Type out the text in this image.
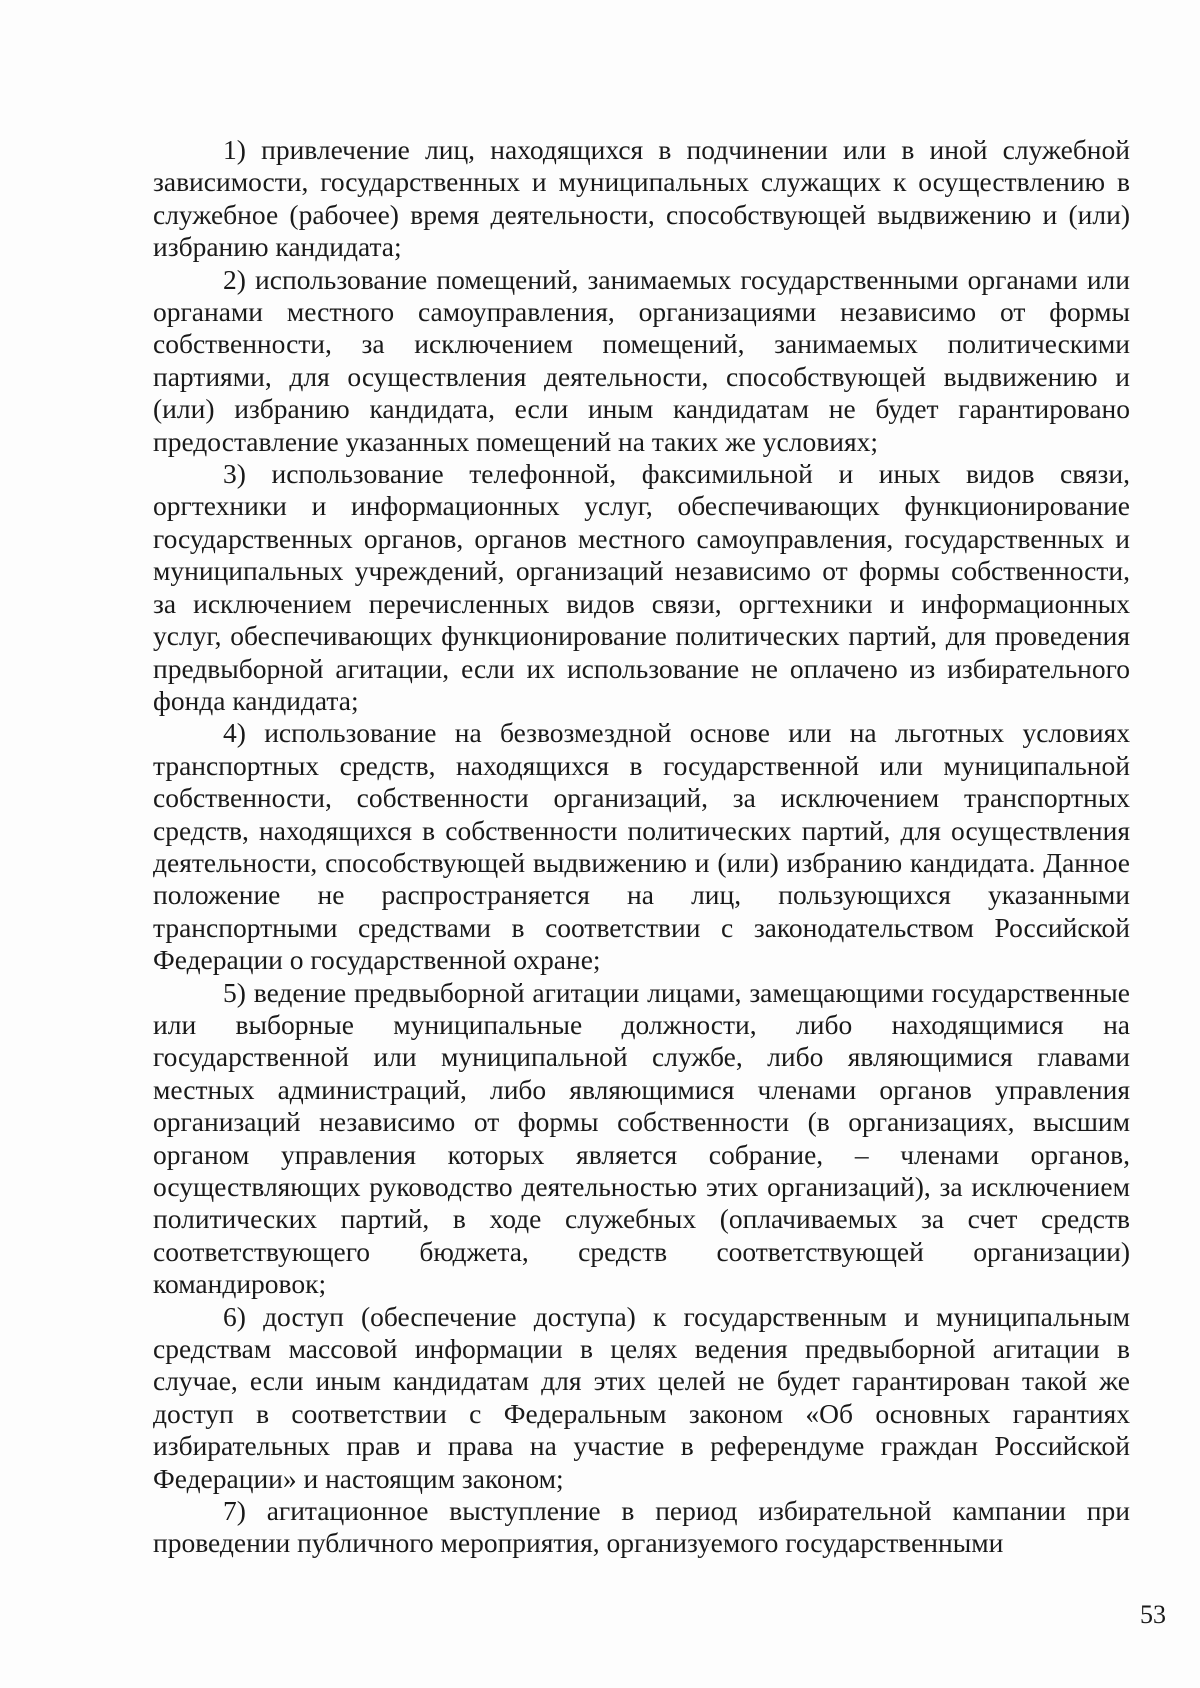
1) привлечение лиц, находящихся в подчинении или в иной служебной зависимости, государственных и муниципальных служащих к осуществлению в служебное (рабочее) время деятельности, способствующей выдвижению и (или) избранию кандидата;

2) использование помещений, занимаемых государственными органами или органами местного самоуправления, организациями независимо от формы собственности, за исключением помещений, занимаемых политическими партиями, для осуществления деятельности, способствующей выдвижению и (или) избранию кандидата, если иным кандидатам не будет гарантировано предоставление указанных помещений на таких же условиях;

3) использование телефонной, факсимильной и иных видов связи, оргтехники и информационных услуг, обеспечивающих функционирование государственных органов, органов местного самоуправления, государственных и муниципальных учреждений, организаций независимо от формы собственности, за исключением перечисленных видов связи, оргтехники и информационных услуг, обеспечивающих функционирование политических партий, для проведения предвыборной агитации, если их использование не оплачено из избирательного фонда кандидата;

4) использование на безвозмездной основе или на льготных условиях транспортных средств, находящихся в государственной или муниципальной собственности, собственности организаций, за исключением транспортных средств, находящихся в собственности политических партий, для осуществления деятельности, способствующей выдвижению и (или) избранию кандидата. Данное положение не распространяется на лиц, пользующихся указанными транспортными средствами в соответствии с законодательством Российской Федерации о государственной охране;

5) ведение предвыборной агитации лицами, замещающими государственные или выборные муниципальные должности, либо находящимися на государственной или муниципальной службе, либо являющимися главами местных администраций, либо являющимися членами органов управления организаций независимо от формы собственности (в организациях, высшим органом управления которых является собрание, – членами органов, осуществляющих руководство деятельностью этих организаций), за исключением политических партий, в ходе служебных (оплачиваемых за счет средств соответствующего бюджета, средств соответствующей организации) командировок;

6) доступ (обеспечение доступа) к государственным и муниципальным средствам массовой информации в целях ведения предвыборной агитации в случае, если иным кандидатам для этих целей не будет гарантирован такой же доступ в соответствии с Федеральным законом «Об основных гарантиях избирательных прав и права на участие в референдуме граждан Российской Федерации» и настоящим законом;

7) агитационное выступление в период избирательной кампании при проведении публичного мероприятия, организуемого государственными

53
